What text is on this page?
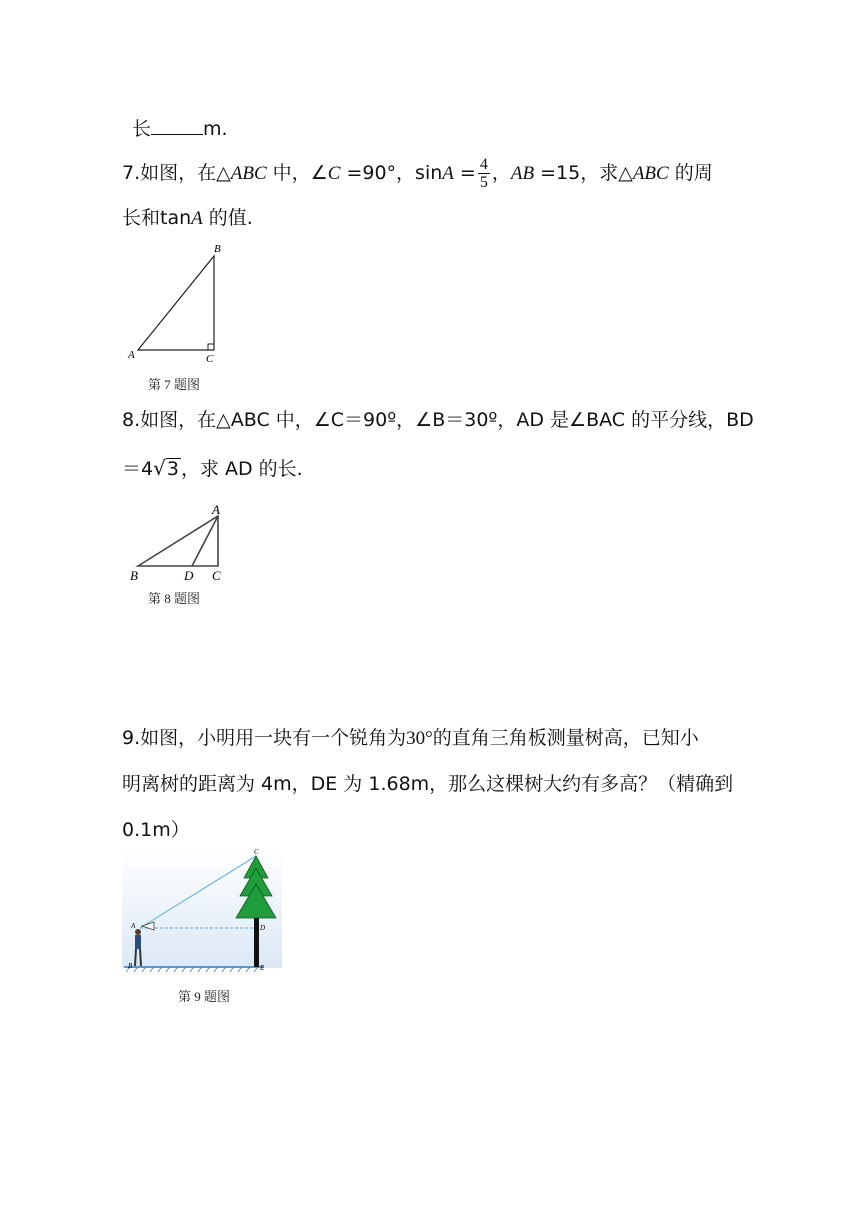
长	m.
7.如图，在△ABC 中，∠C =90°，$\sin A = \frac{4}{5}$ ，AB =15，求△ABC 的周
长和tanA 的值.
A
B
C
第 7 题图
8.如图，在△ABC 中，∠C＝90º，∠B＝30º，AD 是∠BAC 的平分线，BD
＝4√3 ，求 AD 的长.
A
B	D C
第 8 题图
9.如图，小明用一块有一个锐角为30°的直角三角板测量树高，已知小
明离树的距离为 4m，DE 为 1.68m，那么这棵树大约有多高？（精确到
0.1m）
C
A	D
B	E
第 9 题图
